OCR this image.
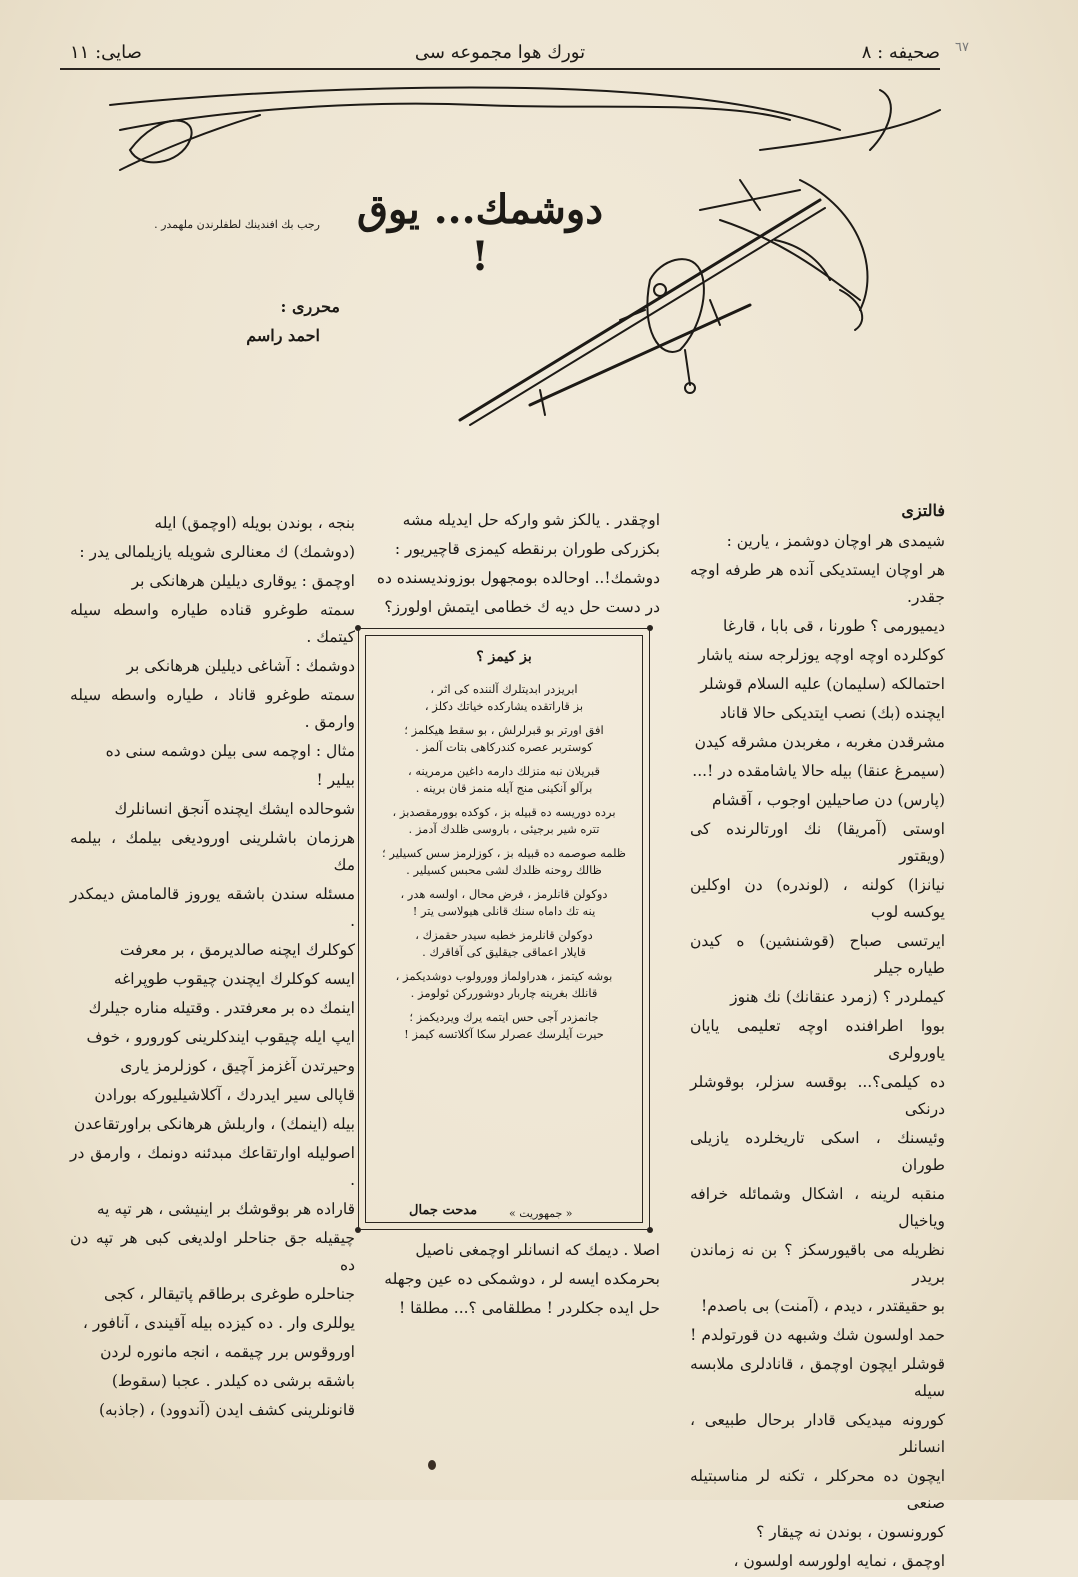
صحيفه : ٨
تورك هوا مجموعه سی
صايى: ١١	٦٧
دوشمك... يوق !
رجب بك افندينك لطفلرندن ملهمدر .
محرری :
احمد راسم

فالتزی

شيمدی هر اوچان دوشمز ، يارين :

هر اوچان ايستديكى آنده هر طرفه اوچه جقدر.

ديميورمى ؟ طورنا ، قى بابا ، قارغا

كوكلرده اوچه اوچه يوزلرجه سنه ياشار

احتمالكه (سليمان) عليه السلام قوشلر

ايچنده (بك) نصب ايتديكى حالا قاناد

مشرقدن مغربه ، مغربدن مشرقه كيدن

(سيمرغ عنقا) بيله حالا ياشامقده در !...

(پارس) دن صاحيلين اوجوب ، آقشام

اوستى (آمريقا) نك اورتالرنده كى (ويقتور

نيانزا) كولنه ، (لوندره) دن اوكلين يوكسه لوب

ايرتسى صباح (قوشنشين) ه كيدن طياره جيلر

كيملردر ؟ (زمرد عنقانك) نك هنوز

بووا اطرافنده اوچه تعليمى يايان ياورولرى

ده كيلمى؟... بوقسه سزلر، بوقوشلر درنكى

وئيسنك ، اسكى تاريخلرده يازيلى طوران

منقبه لرينه ، اشكال وشمائله خرافه وياخيال

نظريله مى باقيورسكز ؟ بن نه زماندن بريدر

بو حقيقتدر ، ديدم ، (آمنت) بى باصدم!

حمد اولسون شك وشبهه دن قورتولدم !

قوشلر ايچون اوچمق ، قانادلرى ملابسه سيله

كورونه ميديكى قادار برحال طبيعى ، انسانلر

ايچون ده محركلر ، تكنه لر مناسبتيله صنعى

كورونسون ، بوندن نه چيقار ؟

اوچمق ، نمايه اولورسه اولسون ،

اوچقدر . يالكز شو واركه حل ايديله مشه

بكزركى طوران برنقطه كيمزى قاچيريور :

دوشمك!.. اوحالده بومجهول بوزونديسنده ده

در دست حل ديه ك خطامى ايتمش اولورز؟

بز كيمز ؟
ابريزدر ابدیتلرك آلننده كى اثر ،
بز قاراتقده يشاركده خياتك دكلز ،
افق اورتر بو قبرلرلش ، بو سقط هيكلمز ؛
كوستربر عصره كندركاهى بتات آلمز .
قبريلان نبه منزلك دارمه داغين مرمرينه ،
برآلو آنكينى منج آيله منمز قان برينه .
برده دوريسه ده قبيله بز ، كوكده بوورمقصدبز ،
تتره شير برجيئى ، باروسى ظلدك آدمز .
ظلمه صوصمه ده قبيله بز ، كوزلرمز سس كسيلير ؛
ظالك روحنه ظلدك لشى محبس كسيلير .
دوكولن قانلرمز ، فرض محال ، اولسه هدر ،
ينه تك داماه سنك قانلى هيولاسى يتر !
دوكولن قانلرمز خطبه سيدر حقمزك ،
قايلار اعماقى جيقليق كى آفاقرك .
بوشه كيتمز ، هدراولماز وورولوب دوشديكمز ،
قانلك بغرينه چاربار دوشورركن ئولومز .
جانمزدر آجى حس ايتمه يرك ويرديكمز ؛
حيرت آيلرسك عصرلر سكا آكلاتسه كيمز !
« جمهوريت »
مدحت جمال

اصلا . ديمك كه انسانلر اوچمغى ناصيل

بحرمكده ايسه لر ، دوشمكى ده عين وجهله

حل ايده جكلردر ! مطلقامى ؟... مطلقا !

بنجه ، بوندن بويله (اوچمق) ايله

(دوشمك) ك معنالرى شويله يازيلمالى يدر :

اوچمق : يوقارى ديليلن هرهانكى بر

سمته طوغرو قناده طياره واسطه سيله كيتمك .

دوشمك : آشاغى ديليلن هرهانكى بر

سمته طوغرو قاناد ، طياره واسطه سيله وارمق .

مثال : اوچمه سى بيلن دوشمه سنى ده

بيلير !

شوحالده ايشك ايچنده آنجق انسانلرك

هرزمان باشلرينى اوروديغى بيلمك ، بيلمه مك

مسئله سندن باشقه يوروز قالمامش ديمكدر .

كوكلرك ايچنه صالديرمق ، بر معرفت

ايسه كوكلرك ايچندن چيقوب طوپراغه

اينمك ده بر معرفتدر . وقتيله مناره جيلرك

ايپ ايله چيقوب ايندكلرينى كورورو ، خوف

وحيرتدن آغزمز آچيق ، كوزلرمز يارى

قاپالى سير ايدردك ، آكلاشيليوركه بورادن

بيله (اينمك) ، واربلش هرهانكى براورتقاعدن

اصوليله اوارتقاعك مبدئنه دونمك ، وارمق در .

قاراده هر بوقوشك بر اينيشى ، هر تپه يه

چيقيله جق جناحلر اولديغى كبى هر تپه دن ده

جناحلره طوغرى برطاقم پاتيقالر ، كجى

يوللرى وار . ده كيزده بيله آقيندى ، آنافور ،

اوروقوس برر چيقمه ، انجه مانوره لردن

باشقه برشى ده كيلدر . عجبا (سقوط)

قانونلرينى كشف ايدن (آندوود) ، (جاذبه)
